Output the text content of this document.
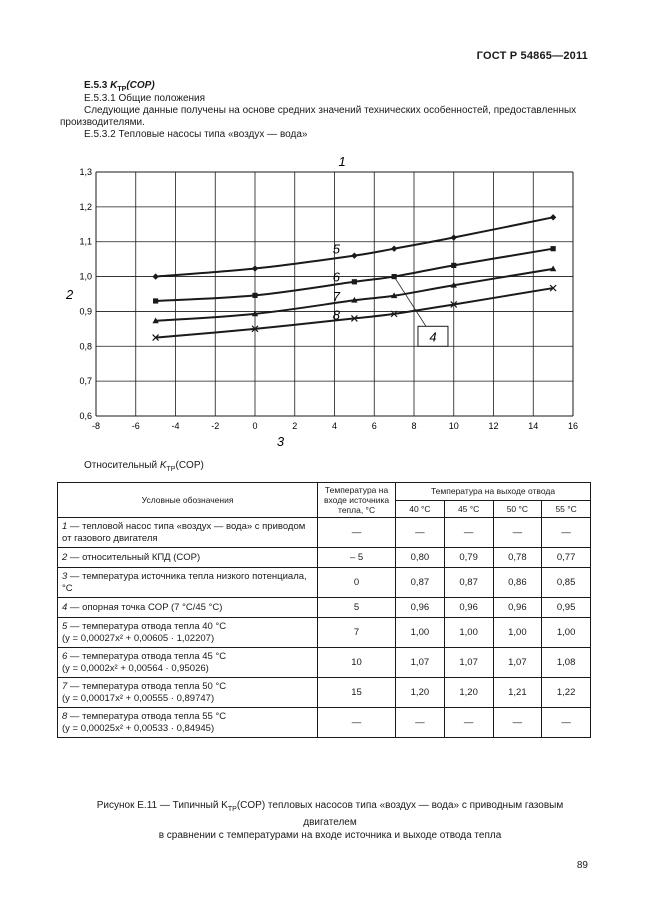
ГОСТ Р 54865—2011
Е.5.3 $K_{ТР}(COP)$
Е.5.3.1 Общие положения
Следующие данные получены на основе средних значений технических особенностей, предоставленных
производителями.
Е.5.3.2 Тепловые насосы типа «воздух — вода»
-8	-6	-4	-2	0	2	4	6	8	10	12	14	16
0,6
0,7
0,8
0,9
1,0
1,1
1,2
1,3
5
6
7
8
1
2
3
4
Относительный $K_{ТР}(COP)$
Условные обозначения	Температура на входе источника тепла, °C	Температура на выходе отвода			
		40 °C	45 °C	50 °C	55 °C
1 — тепловой насос типа «воздух — вода» с приводом от газового двигателя	—	—	—	—	—
2 — относительный КПД (COP)	– 5	0,80	0,79	0,78	0,77
3 — температура источника тепла низкого потенциала, °C	0	0,87	0,87	0,86	0,85
4 — опорная точка COP (7 °C/45 °C)	5	0,96	0,96	0,96	0,95
5 — температура отвода тепла 40 °C
(y = 0,00027x² + 0,00605 · 1,02207)	7	1,00	1,00	1,00	1,00
6 — температура отвода тепла 45 °C
(y = 0,0002x² + 0,00564 · 0,95026)	10	1,07	1,07	1,07	1,08
7 — температура отвода тепла 50 °C
(y = 0,00017x² + 0,00555 · 0,89747)	15	1,20	1,20	1,21	1,22
8 — температура отвода тепла 55 °C
(y = 0,00025x² + 0,00533 · 0,84945)	—	—	—	—	—
Рисунок Е.11 — Типичный $K_{ТР}(COP)$ тепловых насосов типа «воздух — вода» с приводным газовым двигателем
в сравнении с температурами на входе источника и выходе отвода тепла
89
